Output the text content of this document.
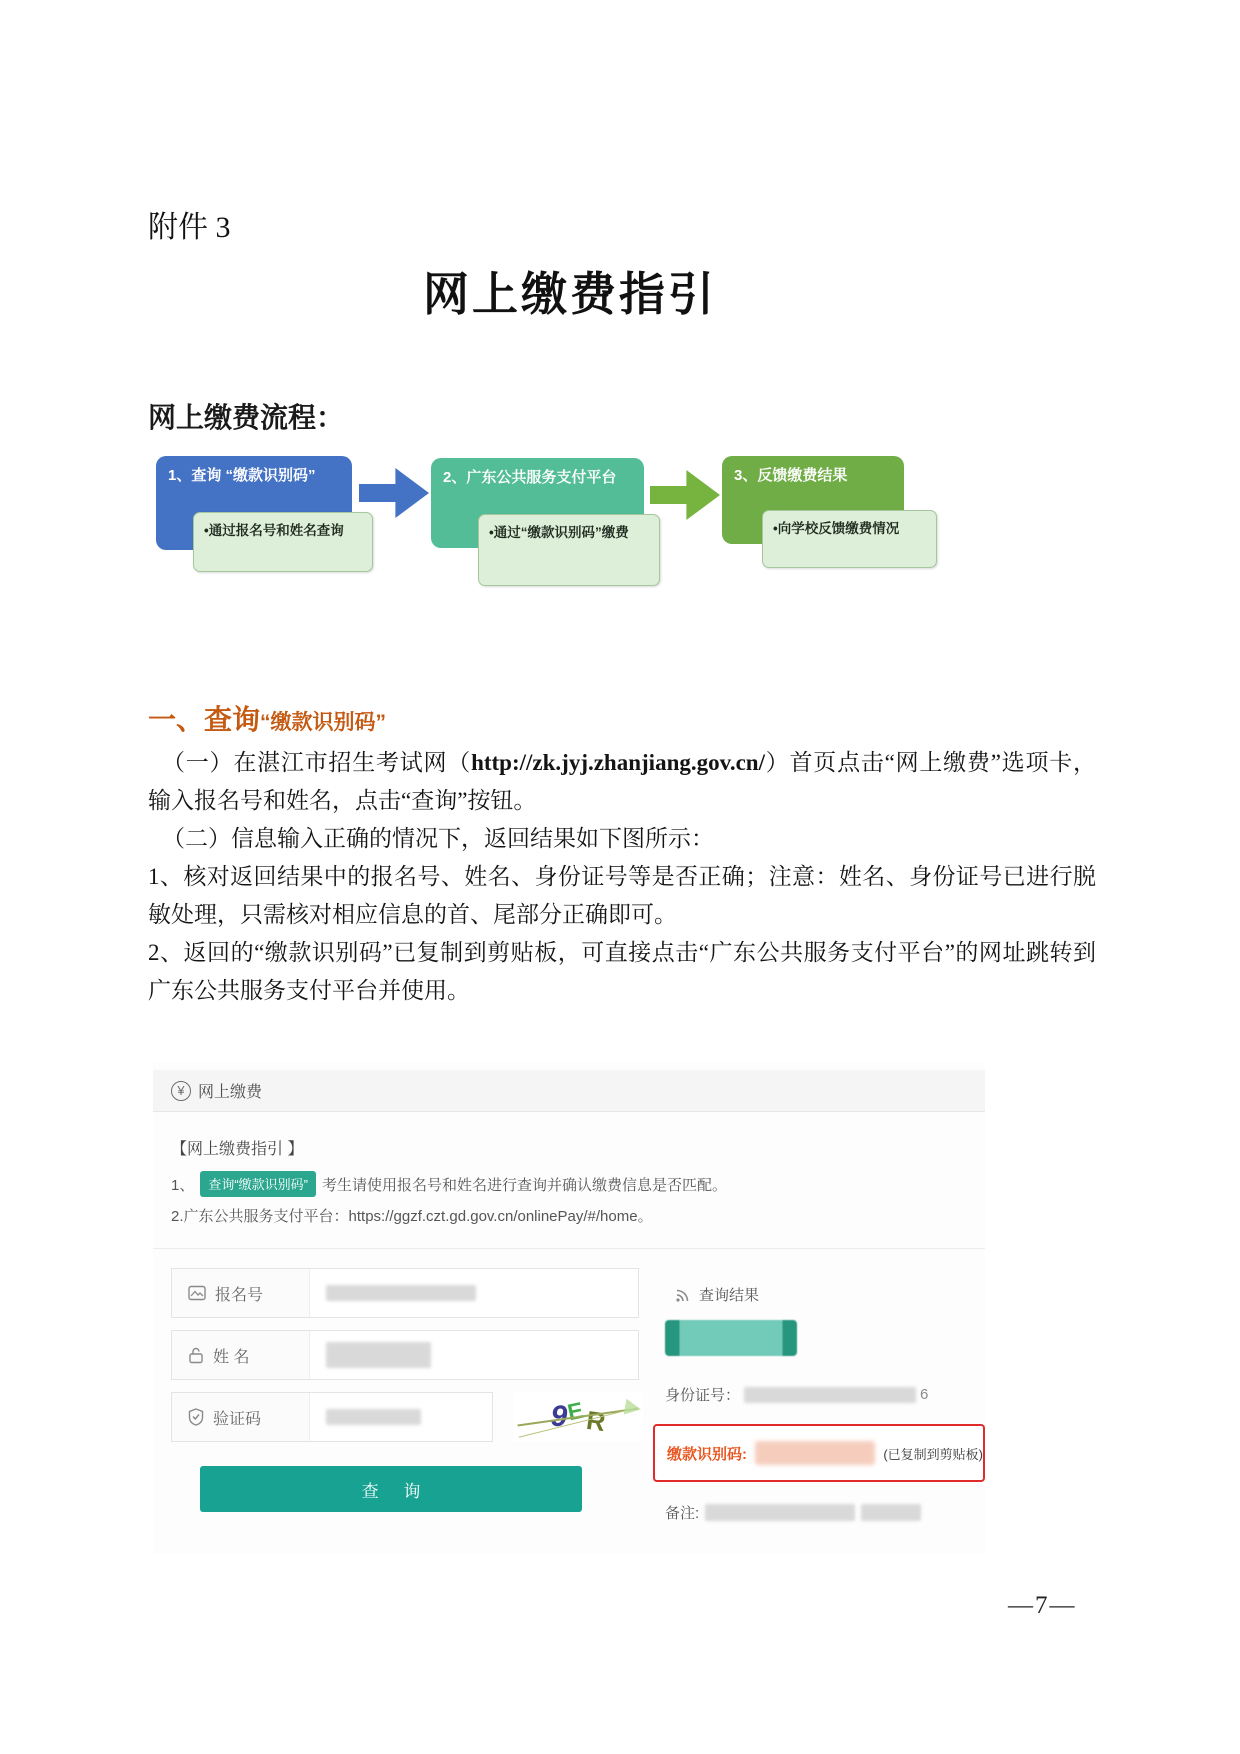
附件 3
网上缴费指引
网上缴费流程：
1、查询 “缴款识别码”
•通过报名号和姓名查询
2、广东公共服务支付平台
•通过“缴款识别码”缴费
3、反馈缴费结果
•向学校反馈缴费情况
一、查询“缴款识别码”

（一）在湛江市招生考试网（http://zk.jyj.zhanjiang.gov.cn/）首页点击“网上缴费”选项卡，输入报名号和姓名，点击“查询”按钮。

（二）信息输入正确的情况下，返回结果如下图所示：

1、核对返回结果中的报名号、姓名、身份证号等是否正确；注意：姓名、身份证号已进行脱敏处理，只需核对相应信息的首、尾部分正确即可。

2、返回的“缴款识别码”已复制到剪贴板，可直接点击“广东公共服务支付平台”的网址跳转到广东公共服务支付平台并使用。

¥ 网上缴费
【网上缴费指引 】
1、	查询“缴款识别码” 考生请使用报名号和姓名进行查询并确认缴费信息是否匹配。
2.广东公共服务支付平台：https://ggzf.czt.gd.gov.cn/onlinePay/#/home。
报名号
姓 名
验证码	9
E
R
查 询
查询结果
身份证号：	6
缴款识别码:	(已复制到剪贴板)
备注:
—7—
